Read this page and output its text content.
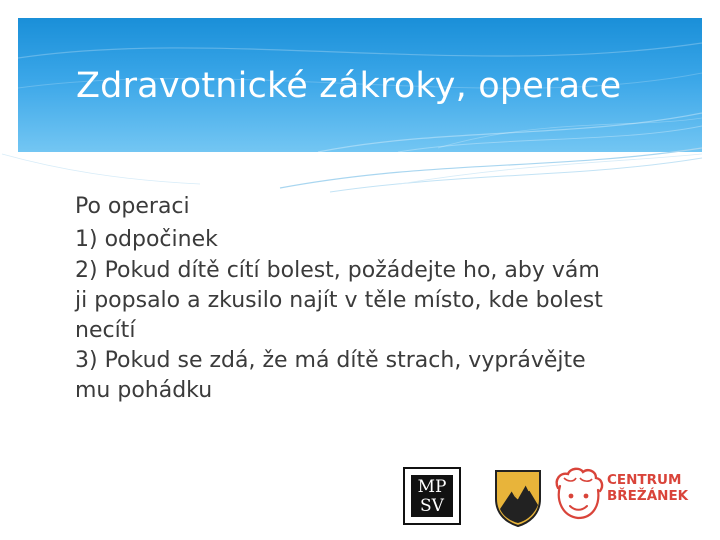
Zdravotnické zákroky, operace

Po operaci

1) odpočinek

2) Pokud dítě cítí bolest, požádejte ho, aby vám

ji popsalo a zkusilo najít v těle místo, kde bolest

necítí

3) Pokud se zdá, že má dítě strach, vyprávějte

mu pohádku

MP
SV
CENTRUM
BŘEŽÁNEK
